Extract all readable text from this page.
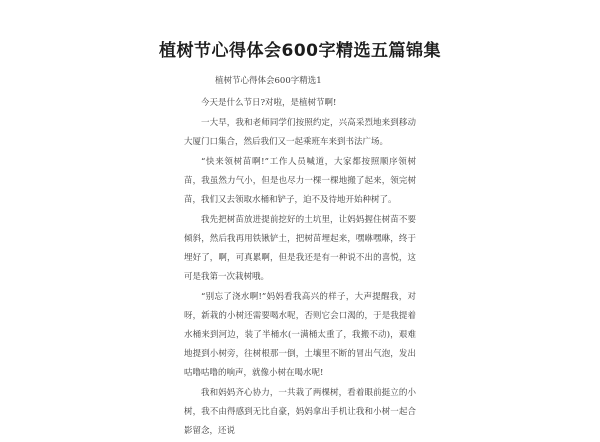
植树节心得体会600字精选五篇锦集

植树节心得体会600字精选1

今天是什么节日?对啦，是植树节啊!

一大早，我和老师同学们按照约定，兴高采烈地来到移动大厦门口集合，然后我们又一起乘班车来到书法广场。

“快来领树苗啊!”工作人员喊道，大家都按照顺序领树苗，我虽然力气小，但是也尽力一棵一棵地搬了起来，领完树苗，我们又去领取水桶和铲子，迫不及待地开始种树了。

我先把树苗放进提前挖好的土坑里，让妈妈握住树苗不要倾斜，然后我再用铁锹铲土，把树苗埋起来，嘿咻嘿咻，终于埋好了，啊，可真累啊，但是我还是有一种说不出的喜悦，这可是我第一次栽树哦。

“别忘了浇水啊!”妈妈看我高兴的样子，大声提醒我，对呀，新栽的小树还需要喝水呢，否则它会口渴的，于是我提着水桶来到河边，装了半桶水(一满桶太重了，我搬不动)，艰难地提到小树旁，往树根那一倒，土壤里不断的冒出气泡，发出咕噜咕噜的响声，就像小树在喝水呢!

我和妈妈齐心协力，一共栽了两棵树，看着眼前挺立的小树，我不由得感到无比自豪，妈妈拿出手机让我和小树一起合影留念，还说
